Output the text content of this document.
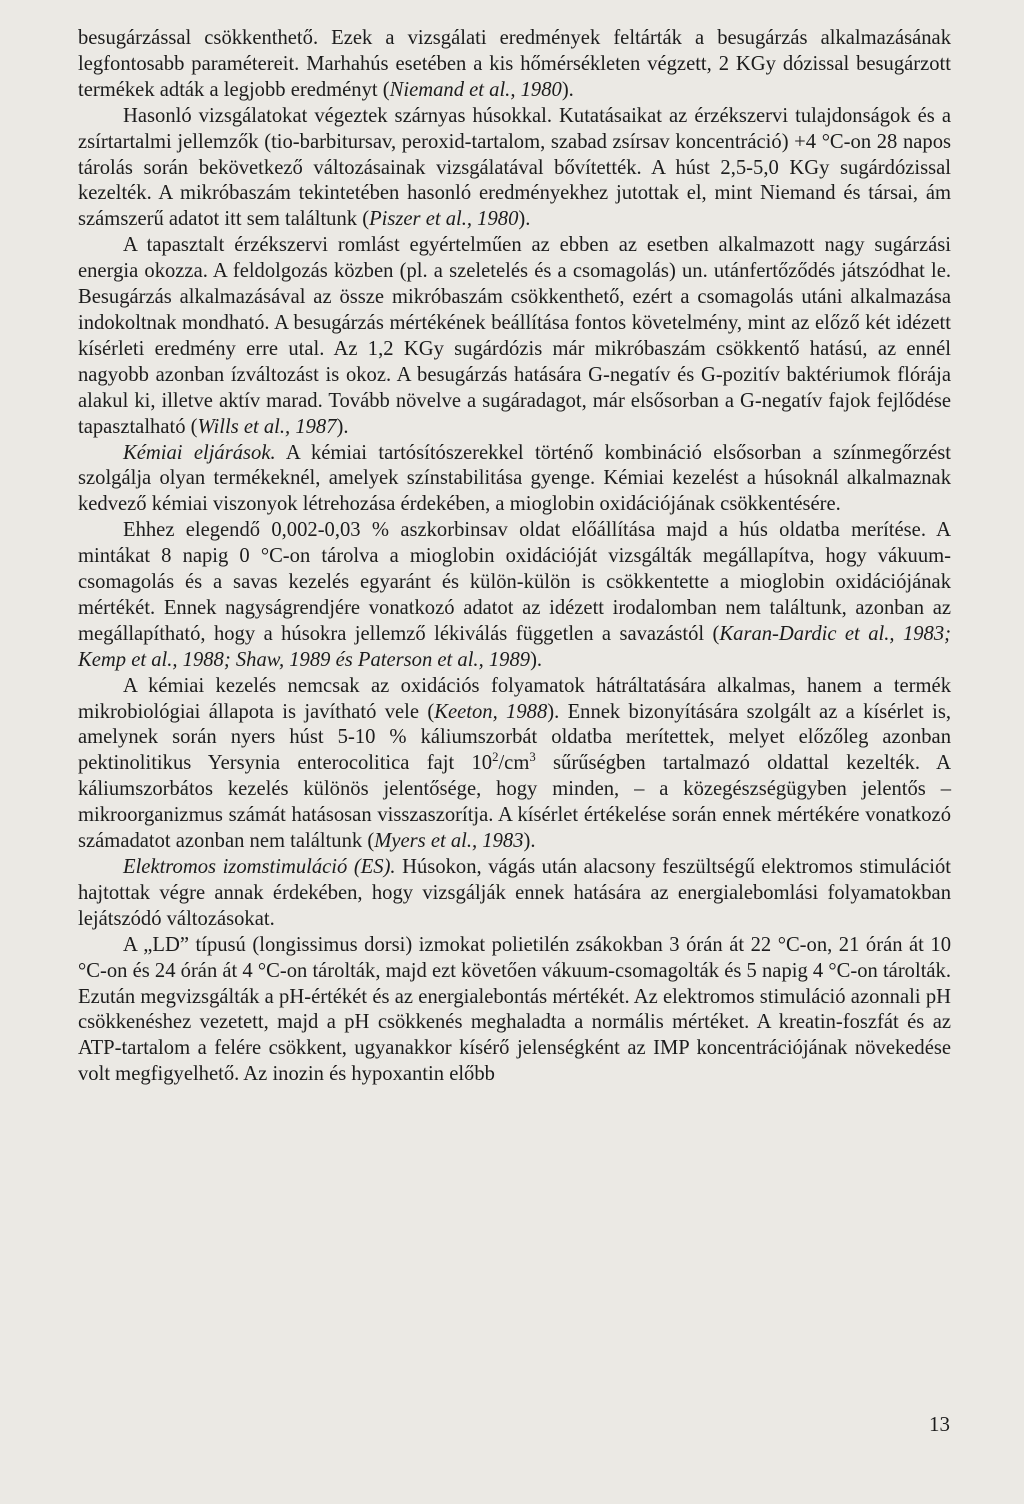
besugárzással csökkenthető. Ezek a vizsgálati eredmények feltárták a besugárzás alkalmazásának legfontosabb paramétereit. Marhahús esetében a kis hőmérsékleten végzett, 2 KGy dózissal besugárzott termékek adták a legjobb eredményt (Niemand et al., 1980).

Hasonló vizsgálatokat végeztek szárnyas húsokkal. Kutatásaikat az érzékszervi tulajdonságok és a zsírtartalmi jellemzők (tio-barbitursav, peroxid-tartalom, szabad zsírsav koncentráció) +4 °C-on 28 napos tárolás során bekövetkező változásainak vizsgálatával bővítették. A húst 2,5-5,0 KGy sugárdózissal kezelték. A mikróbaszám tekintetében hasonló eredményekhez jutottak el, mint Niemand és társai, ám számszerű adatot itt sem találtunk (Piszer et al., 1980).

A tapasztalt érzékszervi romlást egyértelműen az ebben az esetben alkalmazott nagy sugárzási energia okozza. A feldolgozás közben (pl. a szeletelés és a csomagolás) un. utánfertőződés játszódhat le. Besugárzás alkalmazásával az össze mikróbaszám csökkenthető, ezért a csomagolás utáni alkalmazása indokoltnak mondható. A besugárzás mértékének beállítása fontos követelmény, mint az előző két idézett kísérleti eredmény erre utal. Az 1,2 KGy sugárdózis már mikróbaszám csökkentő hatású, az ennél nagyobb azonban ízváltozást is okoz. A besugárzás hatására G-negatív és G-pozitív baktériumok flórája alakul ki, illetve aktív marad. Tovább növelve a sugáradagot, már elsősorban a G-negatív fajok fejlődése tapasztalható (Wills et al., 1987).

Kémiai eljárások. A kémiai tartósítószerekkel történő kombináció elsősorban a színmegőrzést szolgálja olyan termékeknél, amelyek színstabilitása gyenge. Kémiai kezelést a húsoknál alkalmaznak kedvező kémiai viszonyok létrehozása érdekében, a mioglobin oxidációjának csökkentésére.

Ehhez elegendő 0,002-0,03 % aszkorbinsav oldat előállítása majd a hús oldatba merítése. A mintákat 8 napig 0 °C-on tárolva a mioglobin oxidációját vizsgálták megállapítva, hogy vákuum-csomagolás és a savas kezelés egyaránt és külön-külön is csökkentette a mioglobin oxidációjának mértékét. Ennek nagyságrendjére vonatkozó adatot az idézett irodalomban nem találtunk, azonban az megállapítható, hogy a húsokra jellemző lékiválás független a savazástól (Karan-Dardic et al., 1983; Kemp et al., 1988; Shaw, 1989 és Paterson et al., 1989).

A kémiai kezelés nemcsak az oxidációs folyamatok hátráltatására alkalmas, hanem a termék mikrobiológiai állapota is javítható vele (Keeton, 1988). Ennek bizonyítására szolgált az a kísérlet is, amelynek során nyers húst 5-10 % káliumszorbát oldatba merítettek, melyet előzőleg azonban pektinolitikus Yersynia enterocolitica fajt $10^2/cm^3$ sűrűségben tartalmazó oldattal kezelték. A káliumszorbátos kezelés különös jelentősége, hogy minden, – a közegészségügyben jelentős – mikroorganizmus számát hatásosan visszaszorítja. A kísérlet értékelése során ennek mértékére vonatkozó számadatot azonban nem találtunk (Myers et al., 1983).

Elektromos izomstimuláció (ES). Húsokon, vágás után alacsony feszültségű elektromos stimulációt hajtottak végre annak érdekében, hogy vizsgálják ennek hatására az energialebomlási folyamatokban lejátszódó változásokat.

A „LD” típusú (longissimus dorsi) izmokat polietilén zsákokban 3 órán át 22 °C-on, 21 órán át 10 °C-on és 24 órán át 4 °C-on tárolták, majd ezt követően vákuum-csomagolták és 5 napig 4 °C-on tárolták. Ezután megvizsgálták a pH-értékét és az energialebontás mértékét. Az elektromos stimuláció azonnali pH csökkenéshez vezetett, majd a pH csökkenés meghaladta a normális mértéket. A kreatin-foszfát és az ATP-tartalom a felére csökkent, ugyanakkor kísérő jelenségként az IMP koncentrációjának növekedése volt megfigyelhető. Az inozin és hypoxantin előbb

13
